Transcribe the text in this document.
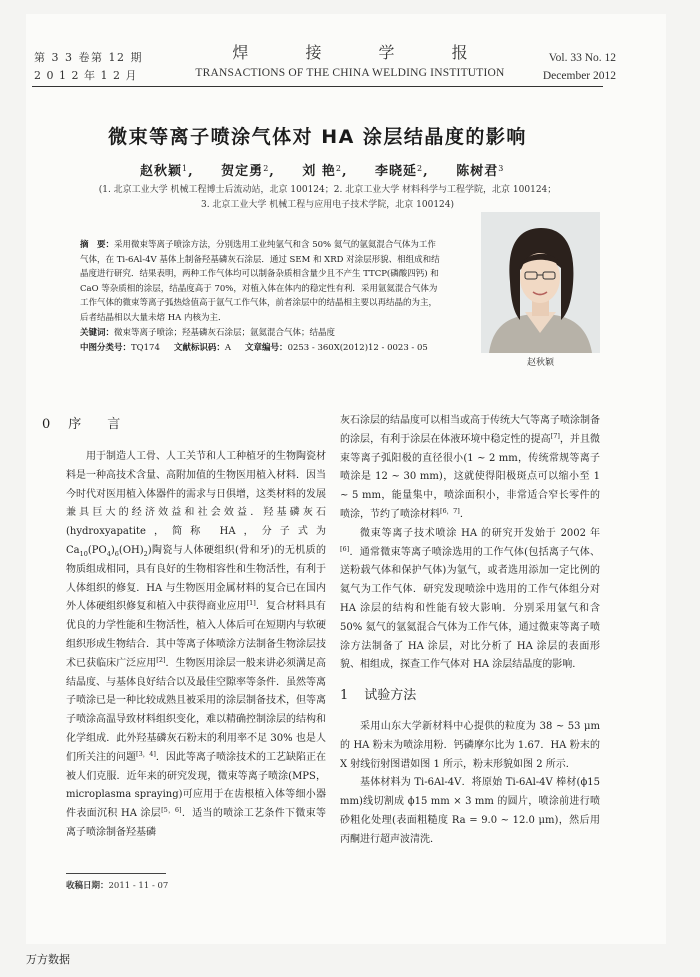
第 3 3 卷第 12 期
2 0 1 2 年 1 2 月
焊 接 学 报
TRANSACTIONS OF THE CHINA WELDING INSTITUTION
Vol. 33 No. 12
December 2012
微束等离子喷涂气体对 HA 涂层结晶度的影响
赵秋颖$^1$, 贺定勇$^2$, 刘 艳$^2$, 李晓延$^2$, 陈树君$^3$
(1. 北京工业大学 机械工程博士后流动站，北京 100124；2. 北京工业大学 材料科学与工程学院，北京 100124；
3. 北京工业大学 机械工程与应用电子技术学院，北京 100124)
摘　要：采用微束等离子喷涂方法，分别选用工业纯氩气和含 50% 氦气的氩氦混合气体为工作气体，在 Ti-6Al-4V 基体上制备羟基磷灰石涂层．通过 SEM 和 XRD 对涂层形貌、相组成和结晶度进行研究．结果表明，两种工作气体均可以制备杂质相含量少且不产生 TTCP(磷酸四钙) 和 CaO 等杂质相的涂层，结晶度高于 70%，对植入体在体内的稳定性有利．采用氩氦混合气体为工作气体的微束等离子弧热焓值高于氩气工作气体，前者涂层中的结晶相主要以再结晶的为主，后者结晶相以大量未熔 HA 内核为主．
关键词：微束等离子喷涂；羟基磷灰石涂层；氩氦混合气体；结晶度
中图分类号：TQ174 文献标识码：A 文章编号：0253 - 360X(2012)12 - 0023 - 05
赵秋颖
0 序言

用于制造人工骨、人工关节和人工种植牙的生物陶瓷材料是一种高技术含量、高附加值的生物医用植入材料．因当今时代对医用植入体器件的需求与日俱增，这类材料的发展兼具巨大的经济效益和社会效益．羟基磷灰石(hydroxyapatite，简称 HA，分子式为 $Ca_{10}(PO_4)_6(OH)_2$)陶瓷与人体硬组织(骨和牙)的无机质的物质组成相同，具有良好的生物相容性和生物活性，有利于人体组织的修复．HA 与生物医用金属材料的复合已在国内外人体硬组织修复和植入中获得商业应用[1]．复合材料具有优良的力学性能和生物活性，植入人体后可在短期内与软硬组织形成生物结合．其中等离子体喷涂方法制备生物涂层技术已获临床广泛应用[2]．生物医用涂层一般来讲必须满足高结晶度、与基体良好结合以及最佳空隙率等条件．虽然等离子喷涂已是一种比较成熟且被采用的涂层制备技术，但等离子喷涂高温导致材料组织变化，难以精确控制涂层的结构和化学组成．此外羟基磷灰石粉末的利用率不足 30% 也是人们所关注的问题[3，4]．因此等离子喷涂技术的工艺缺陷正在被人们克服．近年来的研究发现，微束等离子喷涂(MPS，microplasma spraying)可应用于在齿根植入体等细小器件表面沉积 HA 涂层[5，6]．适当的喷涂工艺条件下微束等离子喷涂制备羟基磷

灰石涂层的结晶度可以相当或高于传统大气等离子喷涂制备的涂层，有利于涂层在体液环境中稳定性的提高[7]，并且微束等离子弧阳极的直径很小(1 ~ 2 mm，传统常规等离子喷涂是 12 ~ 30 mm)，这就使得阳极斑点可以缩小至 1 ~ 5 mm，能量集中，喷涂面积小，非常适合窄长零件的喷涂，节约了喷涂材料[6，7]．

微束等离子技术喷涂 HA 的研究开发始于 2002 年[6]．通常微束等离子喷涂选用的工作气体(包括离子气体、送粉载气体和保护气体)为氩气，或者选用添加一定比例的氦气为工作气体．研究发现喷涂中选用的工作气体组分对 HA 涂层的结构和性能有较大影响．分别采用氩气和含 50% 氦气的氩氦混合气体为工作气体，通过微束等离子喷涂方法制备了 HA 涂层，对比分析了 HA 涂层的表面形貌、相组成，探查工作气体对 HA 涂层结晶度的影响．

1 试验方法

采用山东大学新材料中心提供的粒度为 38 ~ 53 μm 的 HA 粉末为喷涂用粉．钙磷摩尔比为 1.67．HA 粉末的 X 射线衍射图谱如图 1 所示，粉末形貌如图 2 所示．

基体材料为 Ti-6Al-4V．将原始 Ti-6Al-4V 棒材(ϕ15 mm)线切割成 ϕ15 mm × 3 mm 的圆片，喷涂前进行喷砂粗化处理(表面粗糙度 Ra = 9.0 ~ 12.0 μm)，然后用丙酮进行超声波清洗．

收稿日期：2011 - 11 - 07
万方数据
